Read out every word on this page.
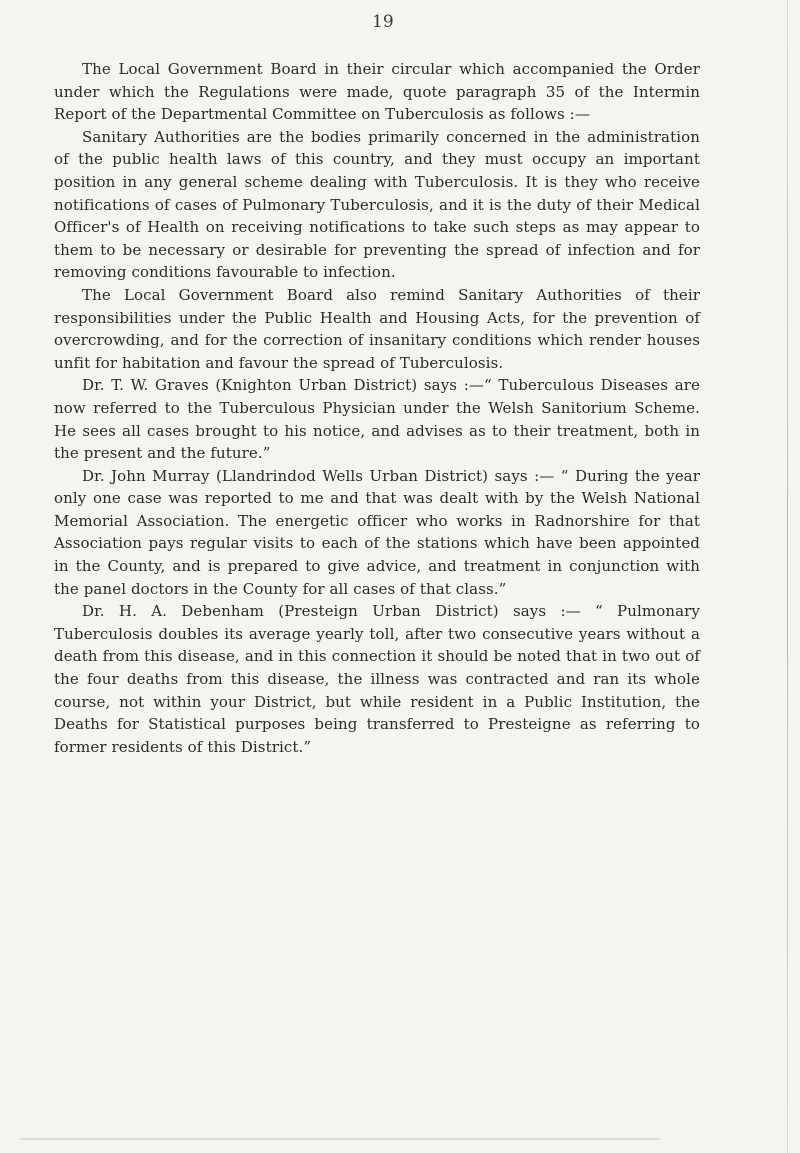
19

The Local Government Board in their circular which accompanied the Order under which the Regulations were made, quote paragraph 35 of the Intermin Report of the Departmental Committee on Tuberculosis as follows :—

Sanitary Authorities are the bodies primarily concerned in the administration of the public health laws of this country, and they must occupy an important position in any general scheme dealing with Tuberculosis. It is they who receive notifications of cases of Pulmonary Tuberculosis, and it is the duty of their Medical Officer's of Health on receiving notifications to take such steps as may appear to them to be necessary or desirable for preventing the spread of infection and for removing conditions favourable to infection.

The Local Government Board also remind Sanitary Authorities of their responsibilities under the Public Health and Housing Acts, for the prevention of overcrowding, and for the correction of insanitary conditions which render houses unfit for habitation and favour the spread of Tuberculosis.

Dr. T. W. Graves (Knighton Urban District) says :—“ Tuberculous Diseases are now referred to the Tuberculous Physician under the Welsh Sanitorium Scheme. He sees all cases brought to his notice, and advises as to their treatment, both in the present and the future.”

Dr. John Murray (Llandrindod Wells Urban District) says :— “ During the year only one case was reported to me and that was dealt with by the Welsh National Memorial Association. The energetic officer who works in Radnorshire for that Association pays regular visits to each of the stations which have been appointed in the County, and is prepared to give advice, and treatment in conjunction with the panel doctors in the County for all cases of that class.”

Dr. H. A. Debenham (Presteign Urban District) says :— “ Pulmonary Tuberculosis doubles its average yearly toll, after two consecutive years without a death from this disease, and in this connection it should be noted that in two out of the four deaths from this disease, the illness was contracted and ran its whole course, not within your District, but while resident in a Public Institution, the Deaths for Statistical purposes being transferred to Presteigne as referring to former residents of this District.”
